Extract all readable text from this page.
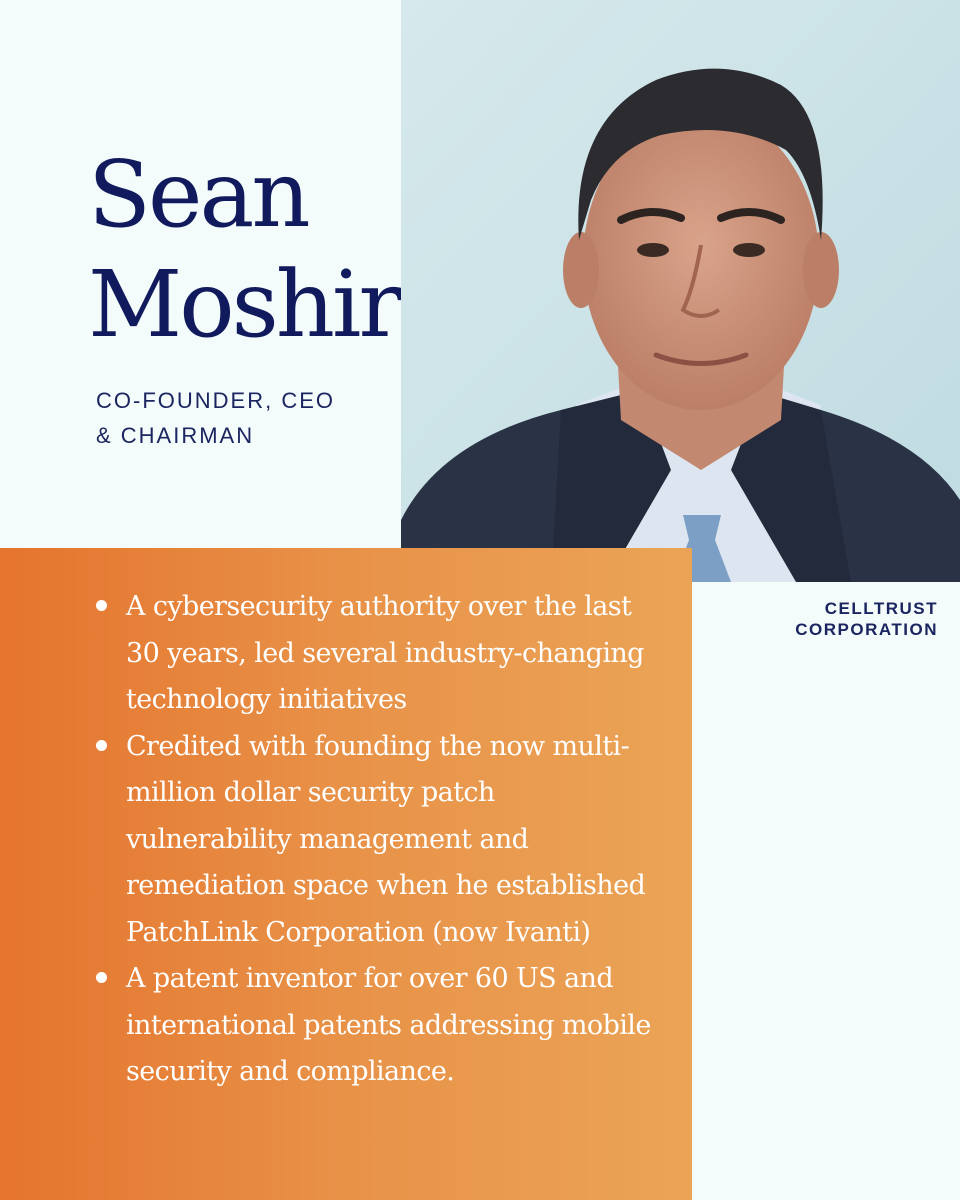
Sean
Moshir
CO-FOUNDER, CEO
& CHAIRMAN
CELLTRUST
CORPORATION
A cybersecurity authority over the last 30 years, led several industry-changing technology initiatives
Credited with founding the now multi-million dollar security patch vulnerability management and remediation space when he established PatchLink Corporation (now Ivanti)
A patent inventor for over 60 US and international patents addressing mobile security and compliance.
